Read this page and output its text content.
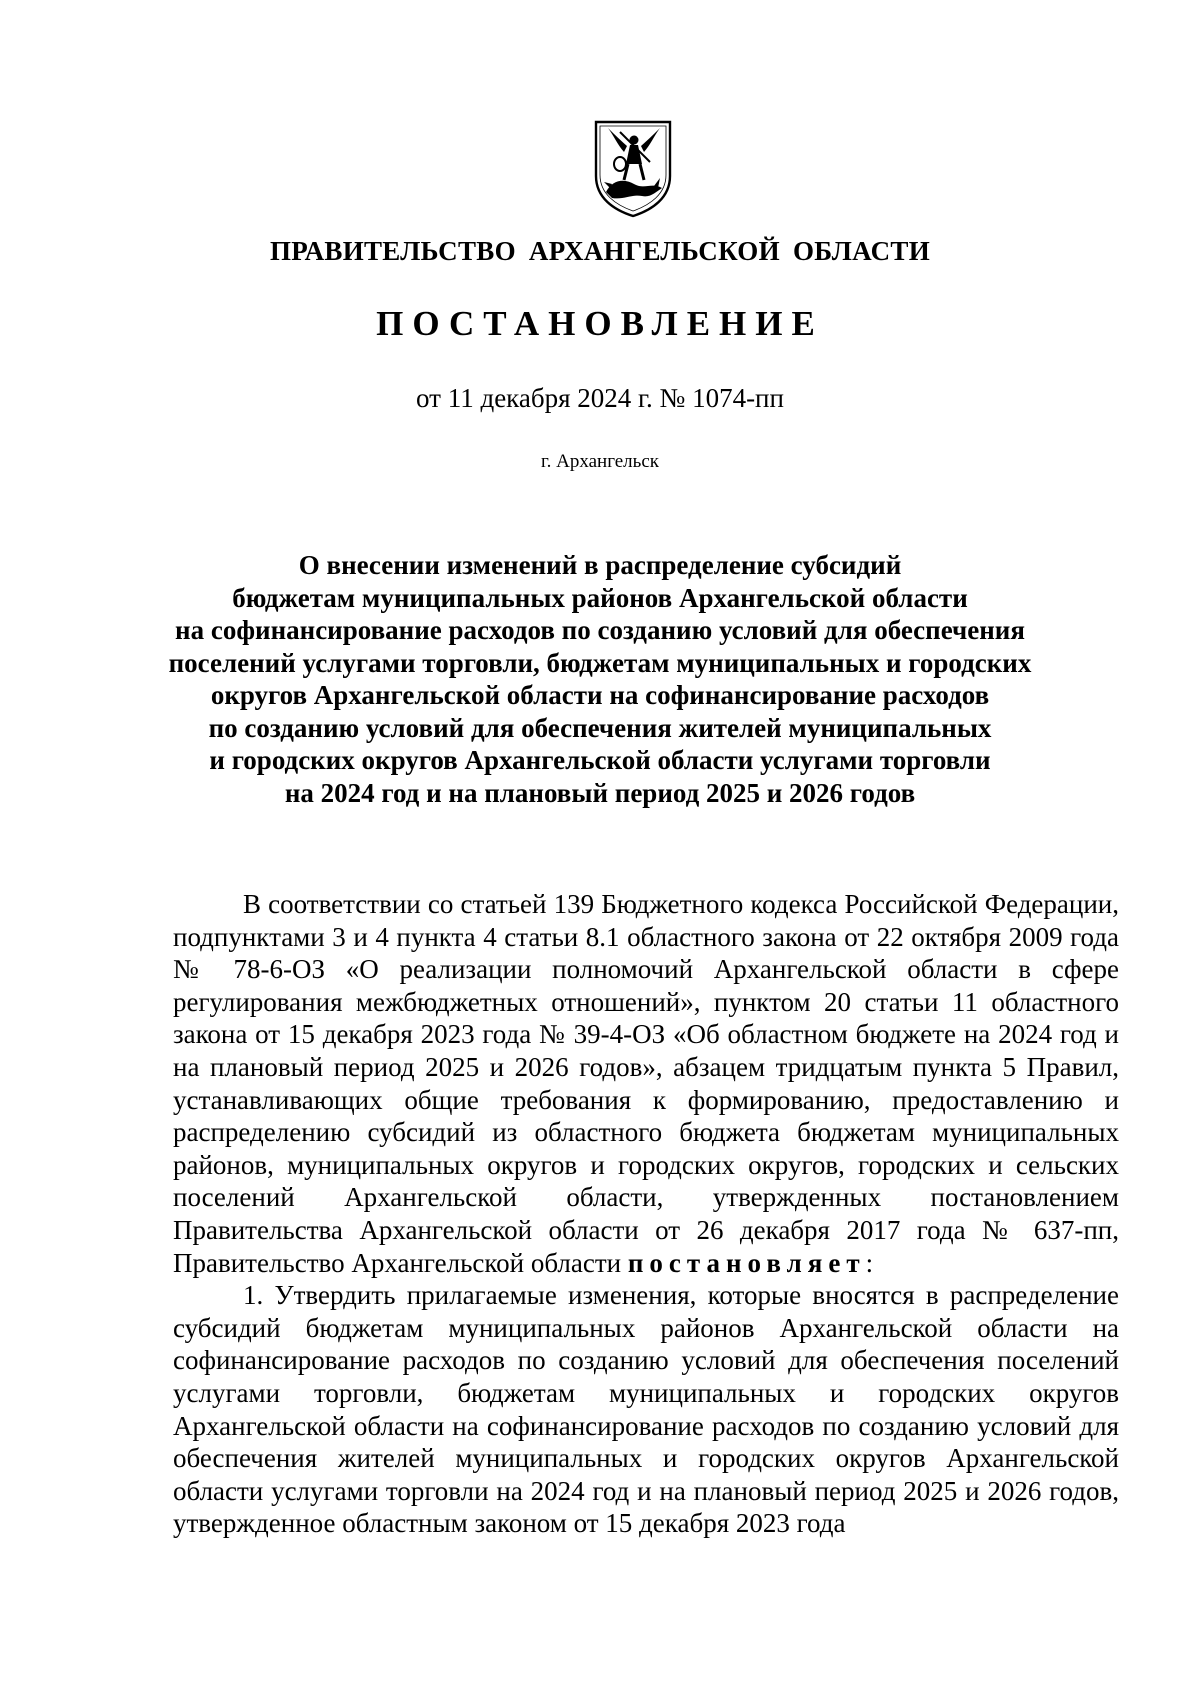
ПРАВИТЕЛЬСТВО АРХАНГЕЛЬСКОЙ ОБЛАСТИ
ПОСТАНОВЛЕНИЕ
от 11 декабря 2024 г. № 1074-пп
г. Архангельск
О внесении изменений в распределение субсидий
бюджетам муниципальных районов Архангельской области
на софинансирование расходов по созданию условий для обеспечения
поселений услугами торговли, бюджетам муниципальных и городских
округов Архангельской области на софинансирование расходов
по созданию условий для обеспечения жителей муниципальных
и городских округов Архангельской области услугами торговли
на 2024 год и на плановый период 2025 и 2026 годов

В соответствии со статьей 139 Бюджетного кодекса Российской Федерации, подпунктами 3 и 4 пункта 4 статьи 8.1 областного закона от 22 октября 2009 года № 78-6-ОЗ «О реализации полномочий Архангельской области в сфере регулирования межбюджетных отношений», пунктом 20 статьи 11 областного закона от 15 декабря 2023 года № 39-4-ОЗ «Об областном бюджете на 2024 год и на плановый период 2025 и 2026 годов», абзацем тридцатым пункта 5 Правил, устанавливающих общие требования к формированию, предоставлению и распределению субсидий из областного бюджета бюджетам муниципальных районов, муниципальных округов и городских округов, городских и сельских поселений Архангельской области, утвержденных постановлением Правительства Архангельской области от 26 декабря 2017 года № 637-пп, Правительство Архангельской области постановляет:

1. Утвердить прилагаемые изменения, которые вносятся в распределение субсидий бюджетам муниципальных районов Архангельской области на софинансирование расходов по созданию условий для обеспечения поселений услугами торговли, бюджетам муниципальных и городских округов Архангельской области на софинансирование расходов по созданию условий для обеспечения жителей муниципальных и городских округов Архангельской области услугами торговли на 2024 год и на плановый период 2025 и 2026 годов, утвержденное областным законом от 15 декабря 2023 года
